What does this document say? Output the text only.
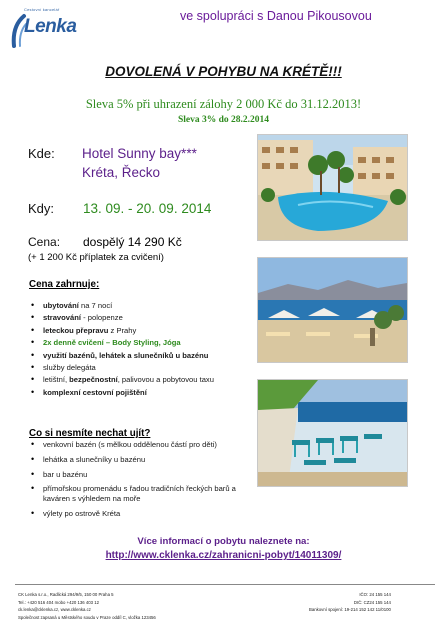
Cestovní kancelář
Lenka	ve spolupráci s Danou Pikousovou
DOVOLENÁ V POHYBU NA KRÉTĚ!!!
Sleva 5% při uhrazení zálohy 2 000 Kč do 31.12.2013!
Sleva 3% do 28.2.2014
Kde: Hotel Sunny bay***
Kréta, Řecko
Kdy: 13. 09. - 20. 09. 2014
Cena: dospělý 14 290 Kč
(+ 1 200 Kč příplatek za cvičení)
Cena zahrnuje:
• ubytování na 7 nocí
• stravování - polopenze
• leteckou přepravu z Prahy
• 2x denně cvičení – Body Styling, Jóga
• využití bazénů, lehátek a slunečníků u bazénu
• služby delegáta
• letištní, bezpečnostní, palivovou a pobytovou taxu
• komplexní cestovní pojištění
Co si nesmíte nechat ujít?
• venkovní bazén (s mělkou oddělenou částí pro děti)
• lehátka a slunečníky u bazénu
• bar u bazénu
• přímořskou promenádu s řadou tradičních řeckých barů a kaváren s výhledem na moře
• výlety po ostrově Kréta
Více informací o pobytu naleznete na:
http://www.cklenka.cz/zahranicni-pobyt/14011309/
CK Lenka s.r.o., Radlická 294/9/5, 150 00 Praha 5
Tel.: +420 516 404 mobo +420 136 403 12
ck.lenka@cklenka.cz, www.cklenka.cz
Společnost zapsaná u Městského soudu v Praze oddíl C, vložka 123456
IČO: 24 155 144
DIČ: CZ24 155 144
Bankovní spojení: 19-214 152 142 11/0100
